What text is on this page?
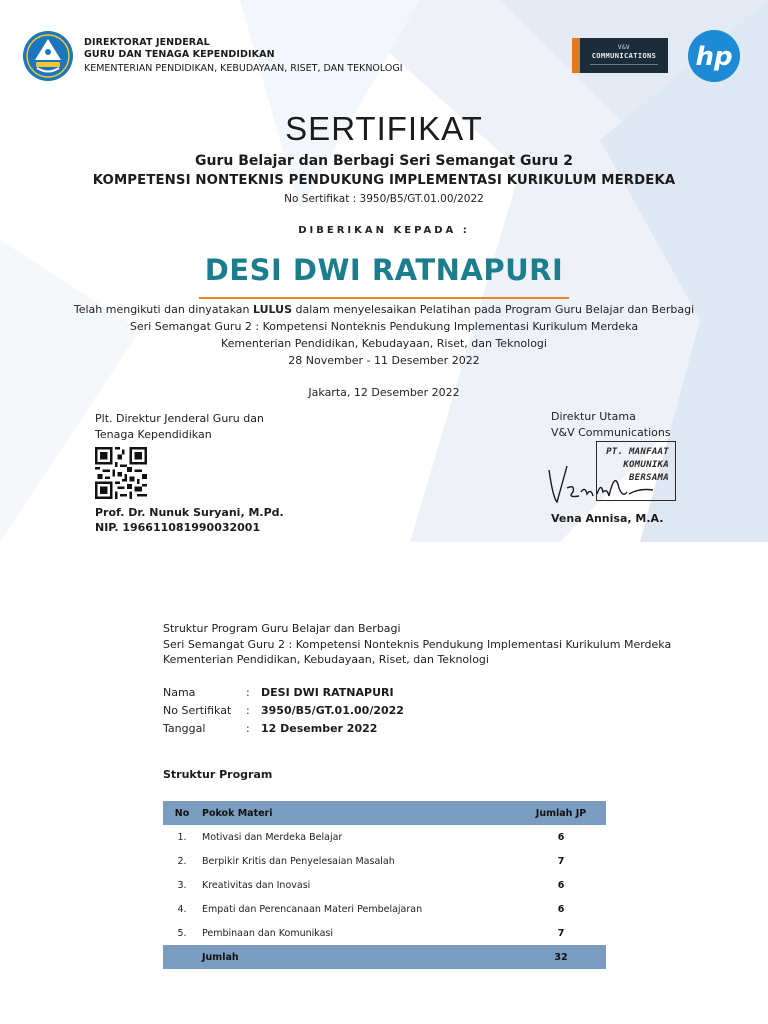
DIREKTORAT JENDERAL
GURU DAN TENAGA KEPENDIDIKAN
KEMENTERIAN PENDIDIKAN, KEBUDAYAAN, RISET, DAN TEKNOLOGI
V&V
COMMUNICATIONS	hp
SERTIFIKAT
Guru Belajar dan Berbagi Seri Semangat Guru 2
KOMPETENSI NONTEKNIS PENDUKUNG IMPLEMENTASI KURIKULUM MERDEKA
No Sertifikat : 3950/B5/GT.01.00/2022
DIBERIKAN KEPADA :
DESI DWI RATNAPURI
Telah mengikuti dan dinyatakan LULUS dalam menyelesaikan Pelatihan pada Program Guru Belajar dan Berbagi
Seri Semangat Guru 2 : Kompetensi Nonteknis Pendukung Implementasi Kurikulum Merdeka
Kementerian Pendidikan, Kebudayaan, Riset, dan Teknologi
28 November - 11 Desember 2022
Jakarta, 12 Desember 2022
Plt. Direktur Jenderal Guru dan
Tenaga Kependidikan
Prof. Dr. Nunuk Suryani, M.Pd.
NIP. 196611081990032001
Direktur Utama
V&V Communications
PT. MANFAAT
KOMUNIKA
BERSAMA
Vena Annisa, M.A.
Struktur Program Guru Belajar dan Berbagi
Seri Semangat Guru 2 : Kompetensi Nonteknis Pendukung Implementasi Kurikulum Merdeka
Kementerian Pendidikan, Kebudayaan, Riset, dan Teknologi
Nama	: DESI DWI RATNAPURI
No Sertifikat : 3950/B5/GT.01.00/2022
Tanggal	: 12 Desember 2022
Struktur Program
No	Pokok Materi	Jumlah JP
1.	Motivasi dan Merdeka Belajar	6
2.	Berpikir Kritis dan Penyelesaian Masalah	7
3.	Kreativitas dan Inovasi	6
4.	Empati dan Perencanaan Materi Pembelajaran	6
5.	Pembinaan dan Komunikasi	7
	Jumlah	32
